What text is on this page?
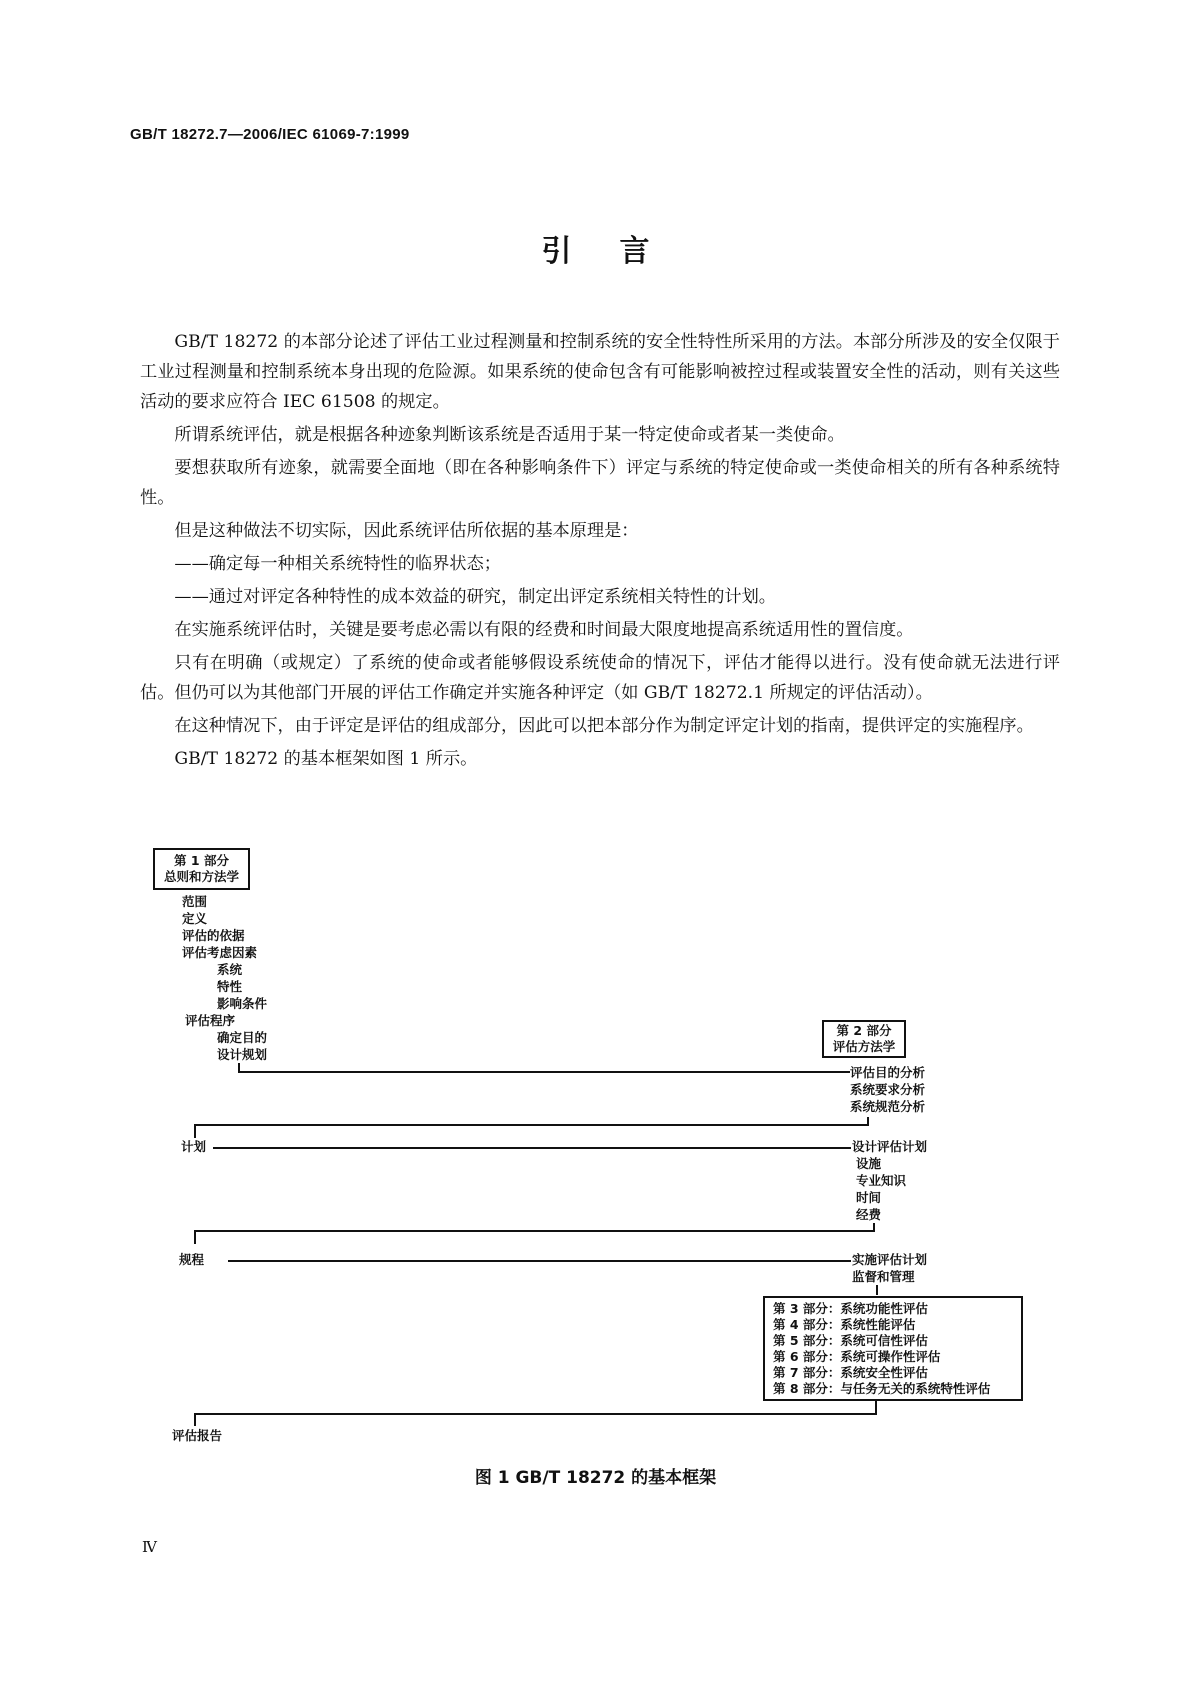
GB/T 18272.7—2006/IEC 61069-7:1999
引言

GB/T 18272 的本部分论述了评估工业过程测量和控制系统的安全性特性所采用的方法。本部分所涉及的安全仅限于工业过程测量和控制系统本身出现的危险源。如果系统的使命包含有可能影响被控过程或装置安全性的活动，则有关这些活动的要求应符合 IEC 61508 的规定。

所谓系统评估，就是根据各种迹象判断该系统是否适用于某一特定使命或者某一类使命。

要想获取所有迹象，就需要全面地（即在各种影响条件下）评定与系统的特定使命或一类使命相关的所有各种系统特性。

但是这种做法不切实际，因此系统评估所依据的基本原理是：

——确定每一种相关系统特性的临界状态；

——通过对评定各种特性的成本效益的研究，制定出评定系统相关特性的计划。

在实施系统评估时，关键是要考虑必需以有限的经费和时间最大限度地提高系统适用性的置信度。

只有在明确（或规定）了系统的使命或者能够假设系统使命的情况下，评估才能得以进行。没有使命就无法进行评估。但仍可以为其他部门开展的评估工作确定并实施各种评定（如 GB/T 18272.1 所规定的评估活动）。

在这种情况下，由于评定是评估的组成部分，因此可以把本部分作为制定评定计划的指南，提供评定的实施程序。

GB/T 18272 的基本框架如图 1 所示。

第 1 部分
总则和方法学
范围
定义
评估的依据
评估考虑因素
系统
特性
影响条件
评估程序
确定目的
设计规划
第 2 部分
评估方法学
评估目的分析
系统要求分析
系统规范分析
计划	设计评估计划
设施
专业知识
时间
经费
规程	实施评估计划
监督和管理
第 3 部分：系统功能性评估
第 4 部分：系统性能评估
第 5 部分：系统可信性评估
第 6 部分：系统可操作性评估
第 7 部分：系统安全性评估
第 8 部分：与任务无关的系统特性评估
评估报告
图 1 GB/T 18272 的基本框架
Ⅳ
